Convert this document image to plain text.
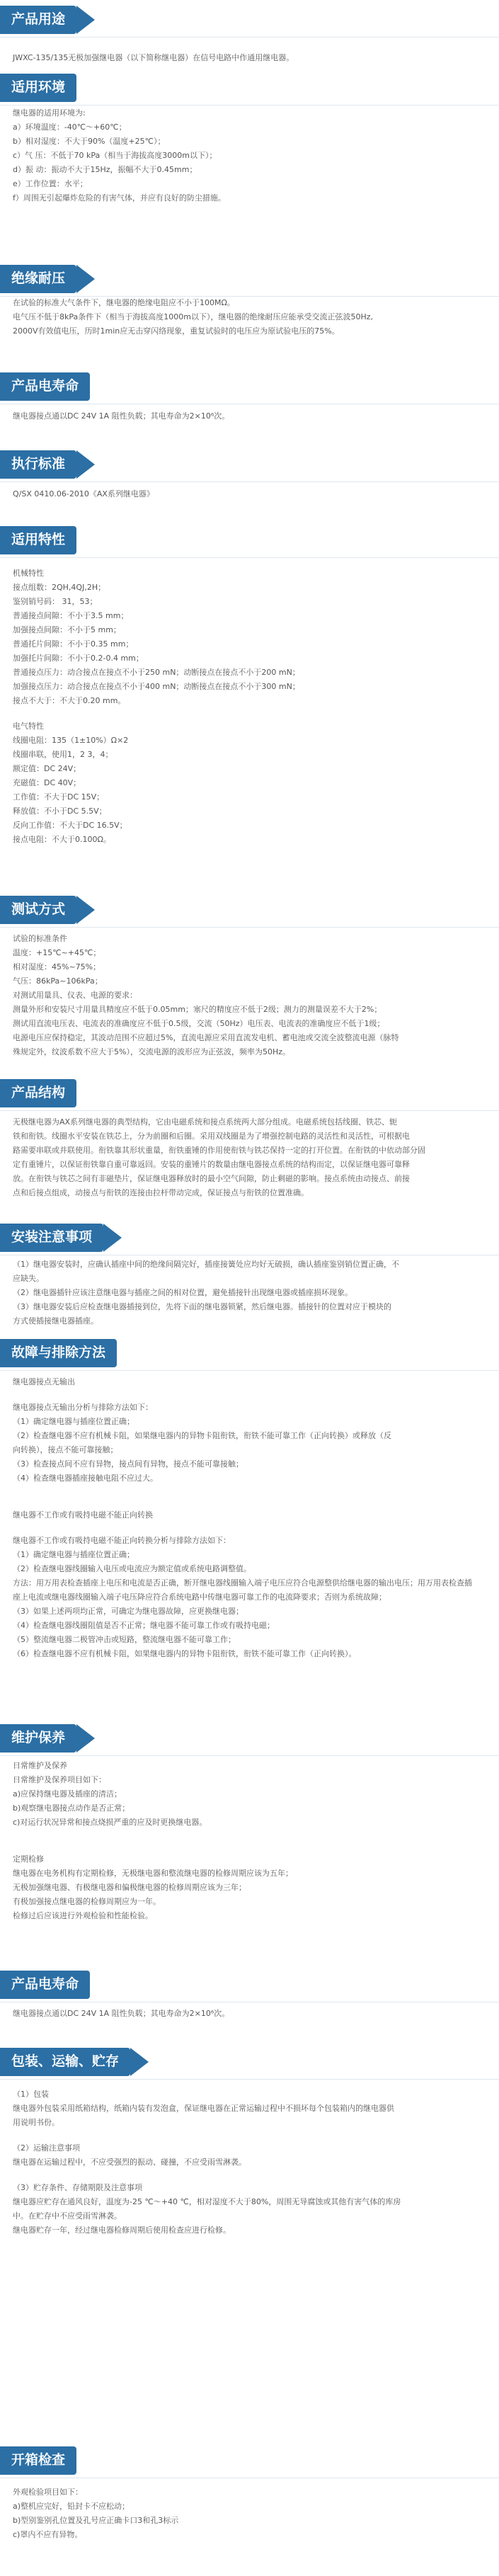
产品用途

JWXC-135/135无极加强继电器（以下简称继电器）在信号电路中作通用继电器。

适用环境

继电器的适用环境为:

a）环境温度：-40℃～+60℃；

b）相对湿度：不大于90%（温度+25℃）；

c）气 压：不低于70 kPa（相当于海拔高度3000m以下）；

d）振 动：振动不大于15Hz，振幅不大于0.45mm；

e）工作位置：水平；

f）周围无引起爆炸危险的有害气体，并应有良好的防尘措施。

绝缘耐压

在试验的标准大气条件下，继电器的绝缘电阻应不小于100MΩ。

电气压不低于8kPa条件下（相当于海拔高度1000m以下），继电器的绝缘耐压应能承受交流正弦波50Hz,

2000V有效值电压，历时1min应无击穿闪络现象，重复试验时的电压应为原试验电压的75%。

产品电寿命

继电器接点通以DC 24V 1A 阻性负载；其电寿命为2×10⁶次。

执行标准

Q/SX 0410.06-2010《AX系列继电器》

适用特性

机械特性

接点组数：2QH,4QJ,2H；

鉴别销号码： 31，53；

普通接点间隙：不小于3.5 mm；

加强接点间隙：不小于5 mm；

普通托片间隙：不小于0.35 mm；

加强托片间隙：不小于0.2-0.4 mm；

普通接点压力：动合接点在接点不小于250 mN；动断接点在接点不小于200 mN；

加强接点压力：动合接点在接点不小于400 mN；动断接点在接点不小于300 mN；

接点不大于：不大于0.20 mm。

电气特性

线圈电阻：135（1±10%）Ω×2

线圈串联，使用1，2 3，4；

额定值：DC 24V；

充磁值：DC 40V；

工作值：不大于DC 15V；

释放值：不小于DC 5.5V；

反向工作值：不大于DC 16.5V；

接点电阻：不大于0.100Ω。

测试方式

试验的标准条件

温度：+15℃~+45℃；

相对湿度：45%~75%；

气压：86kPa~106kPa；

对测试用量具、仪表、电源的要求：

测量外形和安装尺寸用量具精度应不低于0.05mm；塞尺的精度应不低于2级；测力的测量误差不大于2%；

测试用直流电压表、电流表的准确度应不低于0.5级，交流（50Hz）电压表、电流表的准确度应不低于1级；

电源电压应保持稳定，其波动范围不应超过5%，直流电源应采用直流发电机、蓄电池或交流全波整流电源（脉特

殊规定外，纹波系数不应大于5%），交流电源的波形应为正弦波，频率为50Hz。

产品结构

无极继电器为AX系列继电器的典型结构，它由电磁系统和接点系统两大部分组成。电磁系统包括线圈、铁芯、轭

铁和衔铁。线圈水平安装在铁芯上，分为前圈和后圈。采用双线圈是为了增强控制电路的灵活性和灵活性，可根据电

路需要串联或并联使用。衔铁靠其形状重量，衔铁重锤的作用使衔铁与铁芯保持一定的打开位置。在衔铁的中依动部分固

定有重锤片，以保证衔铁靠自重可靠返回。安装的重锤片的数量由继电器接点系统的结构而定，以保证继电器可靠释

放。在衔铁与铁芯之间有非磁垫片，保证继电器释放时的最小空气间隙，防止剩磁的影响。接点系统由动接点、前接

点和后接点组成，动接点与衔铁的连接由拉杆带动完成，保证接点与衔铁的位置准确。

安装注意事项

（1）继电器安装时，应确认插座中间的绝缘间隔完好，插座接簧处应均好无破损，确认插座鉴别销位置正确，不

应缺失。

（2）继电器插针应该注意继电器与插座之间的相对位置，避免插接针出现继电器或插座损坏现象。

（3）继电器安装后应检查继电器插接到位，先将下面的继电器锁紧，然后继电器。插接针的位置对应于模块的

方式使插接继电器插座。

故障与排除方法

继电器接点无输出

继电器接点无输出分析与排除方法如下：

（1）确定继电器与插座位置正确；

（2）检查继电器不应有机械卡阻，如果继电器内的异物卡阻衔铁，衔铁不能可靠工作（正向转换）或释放（反

向转换），接点不能可靠接触；

（3）检查接点间不应有异物，接点间有异物，接点不能可靠接触；

（4）检查继电器插座接触电阻不应过大。

继电器不工作或有吸持电磁不能正向转换

继电器不工作或有吸持电磁不能正向转换分析与排除方法如下：

（1）确定继电器与插座位置正确；

（2）检查继电器线圈输入电压或电流应为额定值或系统电路调整值。

方法：用万用表检查插座上电压和电流是否正确，断开继电器线圈输入端子电压应符合电源整供给继电器的输出电压；用万用表检查插

座上电流或继电器线圈输入端子电压降应符合系统电路中传继电器可靠工作的电流降要求；否则为系统故障；

（3）如果上述两项均正常，可确定为继电器故障，应更换继电器；

（4）检查继电器线圈阻值是否不正常；继电器不能可靠工作或有吸持电磁；

（5）整流继电器二极管冲击或短路，整流继电器不能可靠工作；

（6）检查继电器不应有机械卡阻，如果继电器内的异物卡阻衔铁，衔铁不能可靠工作（正向转换）。

维护保养

日常维护及保养

日常维护及保养项目如下：

a)应保持继电器及插座的清洁；

b)观察继电器接点动作是否正常；

c)对运行状况异常和接点烧损严重的应及时更换继电器。

定期检修

继电器在电务机构有定期检修，无极继电器和整流继电器的检修周期应该为五年；

无极加强继电器、有极继电器和偏极继电器的检修周期应该为三年；

有极加强接点继电器的检修周期应为一年。

检修过后应该进行外观检验和性能检验。

产品电寿命

继电器接点通以DC 24V 1A 阻性负载；其电寿命为2×10⁶次。

包装、运输、贮存

（1）包装

继电器外包装采用纸箱结构，纸箱内装有发泡盒，保证继电器在正常运输过程中不损坏每个包装箱内的继电器供

用说明书份。

（2）运输注意事项

继电器在运输过程中，不应受强烈的振动、碰撞，不应受雨雪淋袭。

（3）贮存条件、存储期限及注意事项

继电器应贮存在通风良好，温度为-25 ℃～+40 ℃，相对湿度不大于80%，周围无导腐蚀或其他有害气体的库房

中。在贮存中不应受雨雪淋袭。

继电器贮存一年，经过继电器检修周期后使用检查应进行检修。

开箱检查

外观检验项目如下：

a)整机应完好，铅封卡不应松动；

b)型别鉴别孔位置及孔号应正确卡口3和孔3标示

c)罩内不应有异物。
